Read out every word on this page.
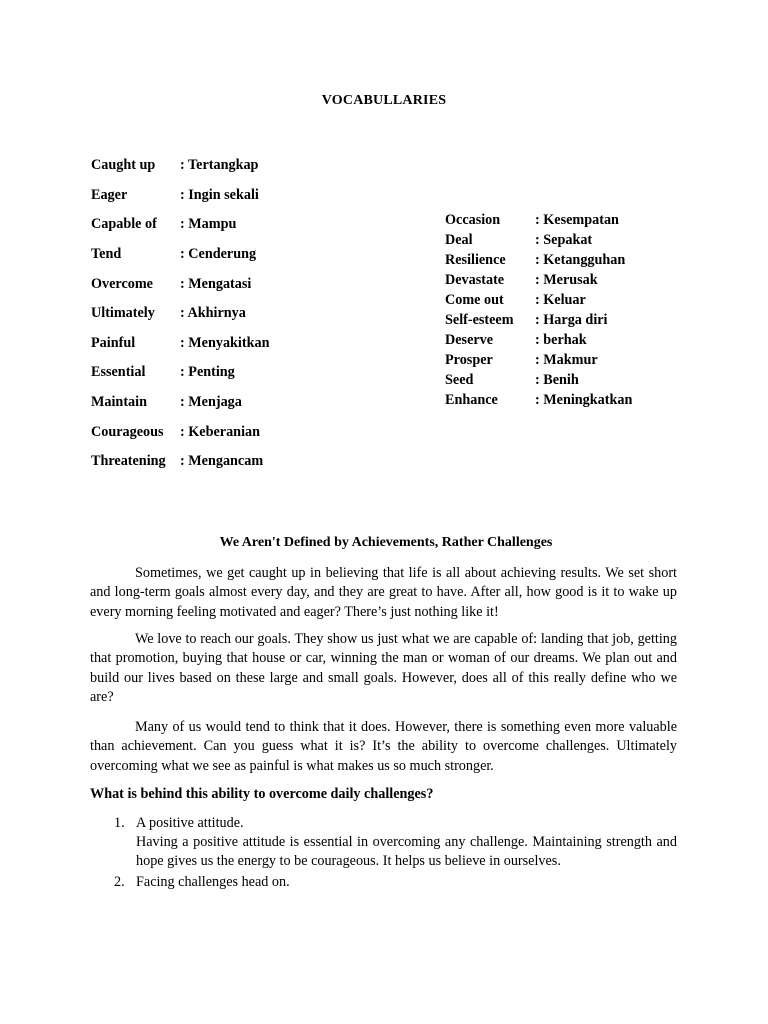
VOCABULLARIES
Caught up	: Tertangkap
Eager	: Ingin sekali
Capable of	: Mampu
Tend	: Cenderung
Overcome	: Mengatasi
Ultimately	: Akhirnya
Painful	: Menyakitkan
Essential	: Penting
Maintain	: Menjaga
Courageous	: Keberanian
Threatening	: Mengancam
Occasion	: Kesempatan
Deal	: Sepakat
Resilience	: Ketangguhan
Devastate	: Merusak
Come out	: Keluar
Self-esteem	: Harga diri
Deserve	: berhak
Prosper	: Makmur
Seed	: Benih
Enhance	: Meningkatkan
We Aren't Defined by Achievements, Rather Challenges

Sometimes, we get caught up in believing that life is all about achieving results. We set short and long-term goals almost every day, and they are great to have. After all, how good is it to wake up every morning feeling motivated and eager? There’s just nothing like it!

We love to reach our goals. They show us just what we are capable of: landing that job, getting that promotion, buying that house or car, winning the man or woman of our dreams. We plan out and build our lives based on these large and small goals. However, does all of this really define who we are?

Many of us would tend to think that it does. However, there is something even more valuable than achievement. Can you guess what it is? It’s the ability to overcome challenges. Ultimately overcoming what we see as painful is what makes us so much stronger.

What is behind this ability to overcome daily challenges?
1. A positive attitude.
Having a positive attitude is essential in overcoming any challenge. Maintaining strength and hope gives us the energy to be courageous. It helps us believe in ourselves.
2. Facing challenges head on.
